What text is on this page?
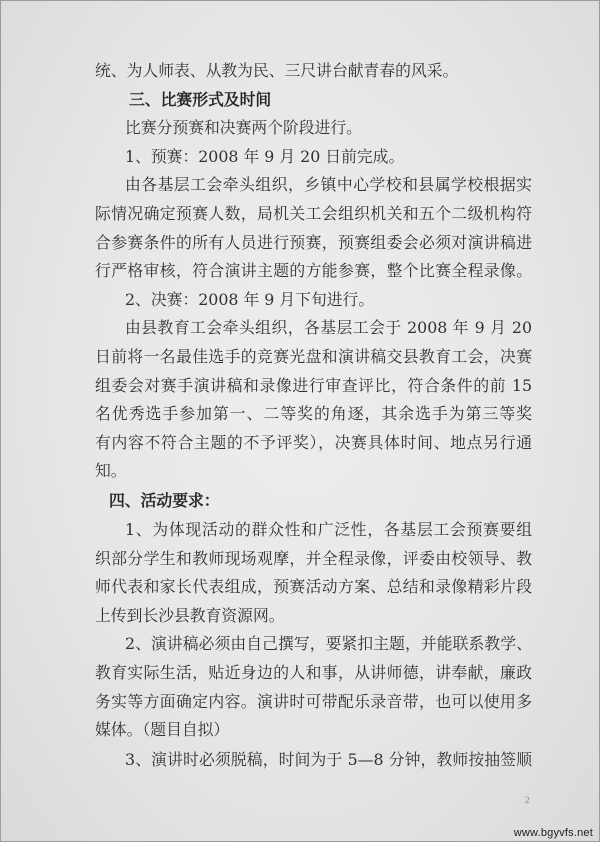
统、为人师表、从教为民、三尺讲台献青春的风采。
三、比赛形式及时间
比赛分预赛和决赛两个阶段进行。
1、预赛：2008 年 9 月 20 日前完成。
由各基层工会牵头组织，乡镇中心学校和县属学校根据实
际情况确定预赛人数，局机关工会组织机关和五个二级机构符
合参赛条件的所有人员进行预赛，预赛组委会必须对演讲稿进
行严格审核，符合演讲主题的方能参赛，整个比赛全程录像。
2、决赛：2008 年 9 月下旬进行。
由县教育工会牵头组织，各基层工会于 2008 年 9 月 20
日前将一名最佳选手的竞赛光盘和演讲稿交县教育工会，决赛
组委会对赛手演讲稿和录像进行审查评比，符合条件的前 15
名优秀选手参加第一、二等奖的角逐，其余选手为第三等奖
有内容不符合主题的不予评奖），决赛具体时间、地点另行通
知。
四、活动要求：
1、为体现活动的群众性和广泛性，各基层工会预赛要组
织部分学生和教师现场观摩，并全程录像，评委由校领导、教
师代表和家长代表组成，预赛活动方案、总结和录像精彩片段
上传到长沙县教育资源网。
2、演讲稿必须由自己撰写，要紧扣主题，并能联系教学、
教育实际生活，贴近身边的人和事，从讲师德，讲奉献，廉政
务实等方面确定内容。演讲时可带配乐录音带，也可以使用多
媒体。（题目自拟）
3、演讲时必须脱稿，时间为于 5—8 分钟，教师按抽签顺
2
www.bgyvfs.net
